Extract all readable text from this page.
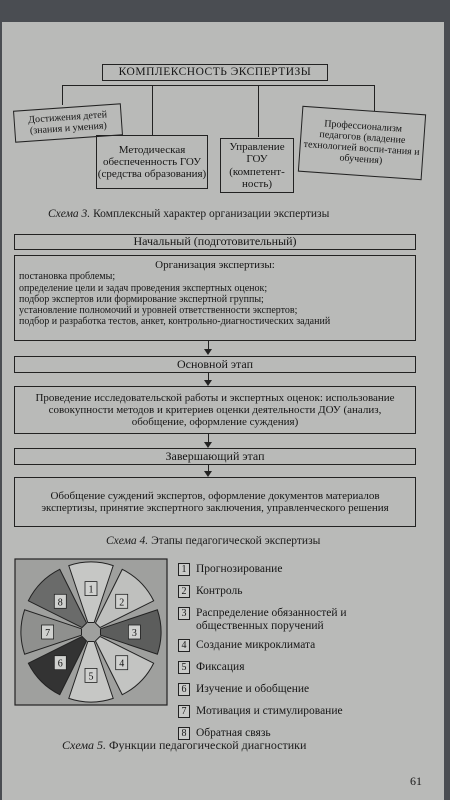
КОМПЛЕКСНОСТЬ ЭКСПЕРТИЗЫ
Достижения детей (знания и умения)
Методическая обеспеченность ГОУ (средства образования)
Управление ГОУ (компетент-ность)
Профессионализм педагогов (владение технологией воспи-тания и обучения)
Схема 3. Комплексный характер организации экспертизы
Начальный (подготовительный)
Организация экспертизы:
постановка проблемы;
определение цели и задач проведения экспертных оценок;
подбор экспертов или формирование экспертной группы;
установление полномочий и уровней ответственности экспертов;
подбор и разработка тестов, анкет, контрольно-диагностических заданий
Основной этап
Проведение исследовательской работы и экспертных оценок: использование совокупности методов и критериев оценки деятельности ДОУ (анализ, обобщение, оформление суждения)
Завершающий этап
Обобщение суждений экспертов, оформление документов материалов экспертизы, принятие экспертного заключения, управленческого решения
Схема 4. Этапы педагогической экспертизы
1
2
3
4
5
6
7
8
1 Прогнозирование
2 Контроль
3 Распределение обязанностей и общественных поручений
4 Создание микроклимата
5 Фиксация
6 Изучение и обобщение
7 Мотивация и стимулирование
8 Обратная связь
Схема 5. Функции педагогической диагностики
61
